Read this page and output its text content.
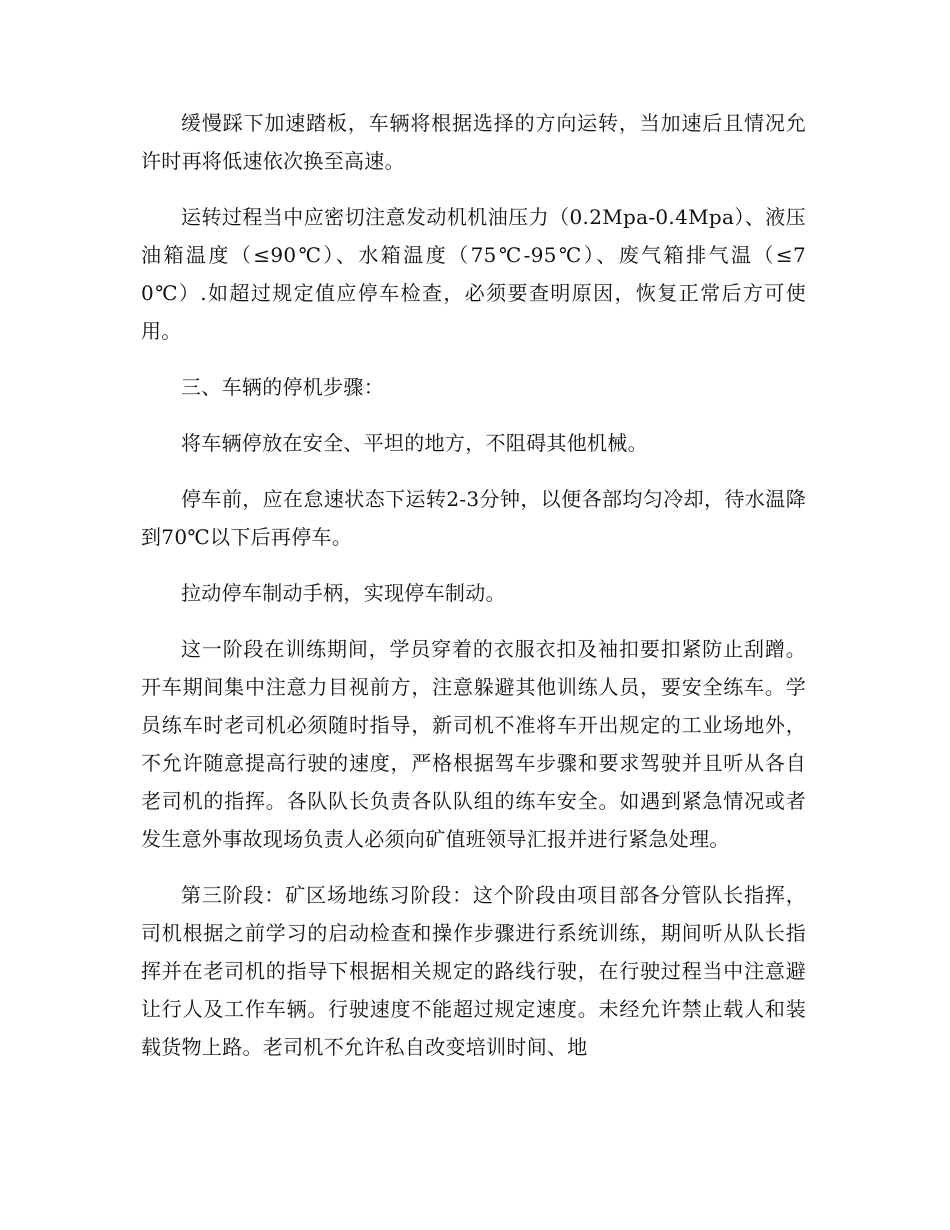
缓慢踩下加速踏板，车辆将根据选择的方向运转，当加速后且情况允许时再将低速依次换至高速。

运转过程当中应密切注意发动机机油压力（0.2Mpa-0.4Mpa）、液压油箱温度（≤90℃）、水箱温度（75℃-95℃）、废气箱排气温（≤70℃）.如超过规定值应停车检查，必须要查明原因，恢复正常后方可使用。

三、车辆的停机步骤：

将车辆停放在安全、平坦的地方，不阻碍其他机械。

停车前，应在怠速状态下运转2-3分钟，以便各部均匀冷却，待水温降到70℃以下后再停车。

拉动停车制动手柄，实现停车制动。

这一阶段在训练期间，学员穿着的衣服衣扣及袖扣要扣紧防止刮蹭。开车期间集中注意力目视前方，注意躲避其他训练人员，要安全练车。学员练车时老司机必须随时指导，新司机不准将车开出规定的工业场地外，不允许随意提高行驶的速度，严格根据驾车步骤和要求驾驶并且听从各自老司机的指挥。各队队长负责各队队组的练车安全。如遇到紧急情况或者发生意外事故现场负责人必须向矿值班领导汇报并进行紧急处理。

第三阶段：矿区场地练习阶段：这个阶段由项目部各分管队长指挥，司机根据之前学习的启动检查和操作步骤进行系统训练，期间听从队长指挥并在老司机的指导下根据相关规定的路线行驶，在行驶过程当中注意避让行人及工作车辆。行驶速度不能超过规定速度。未经允许禁止载人和装载货物上路。老司机不允许私自改变培训时间、地
